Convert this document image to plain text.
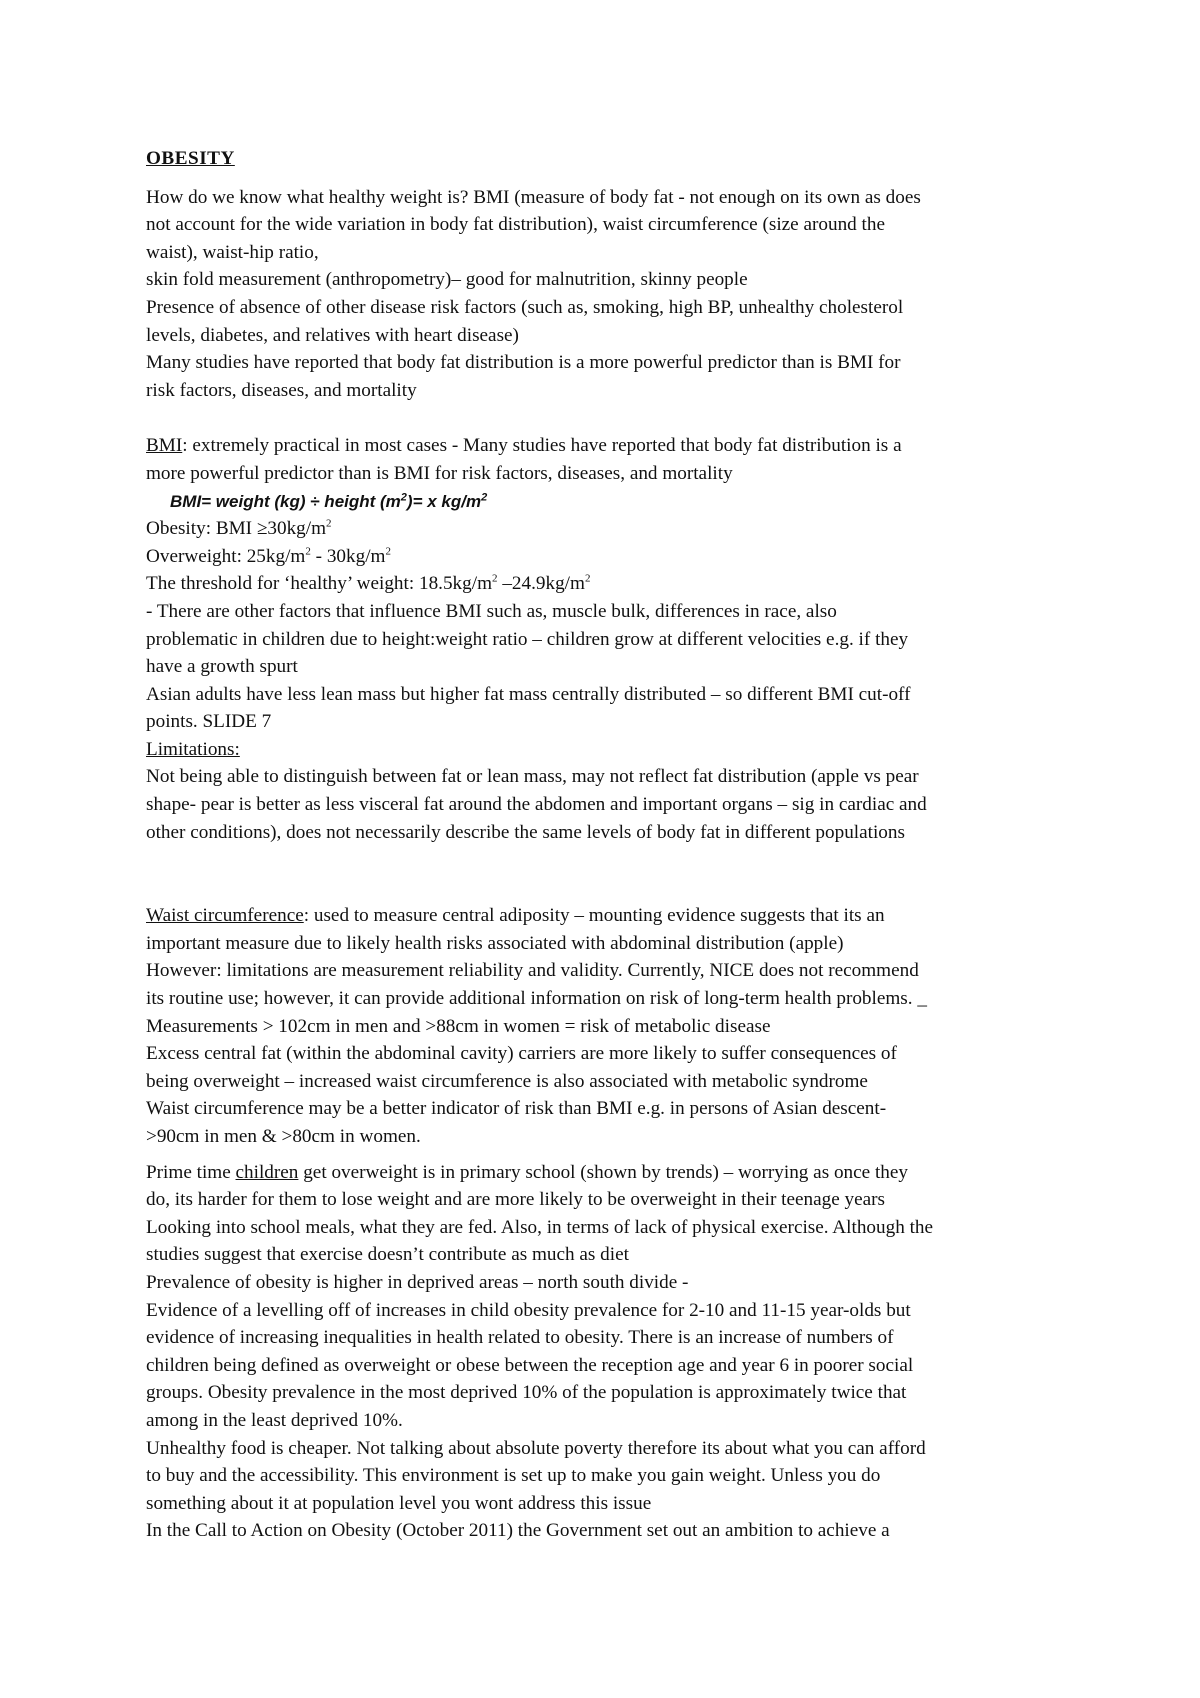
OBESITY
How do we know what healthy weight is? BMI (measure of body fat - not enough on its own as does
not account for the wide variation in body fat distribution), waist circumference (size around the
waist), waist-hip ratio,
skin fold measurement (anthropometry)– good for malnutrition, skinny people
Presence of absence of other disease risk factors (such as, smoking, high BP, unhealthy cholesterol
levels, diabetes, and relatives with heart disease)
Many studies have reported that body fat distribution is a more powerful predictor than is BMI for
risk factors, diseases, and mortality
BMI: extremely practical in most cases - Many studies have reported that body fat distribution is a
more powerful predictor than is BMI for risk factors, diseases, and mortality
BMI= weight (kg) ÷ height $(m^2)= x$ $kg/m^2$
Obesity: BMI $\ge 30kg/m^2$
Overweight: $25kg/m^2 - 30kg/m^2$
The threshold for ‘healthy’ weight: $18.5kg/m^2$ $-24.9kg/m^2$
- There are other factors that influence BMI such as, muscle bulk, differences in race, also
problematic in children due to height:weight ratio – children grow at different velocities e.g. if they
have a growth spurt
Asian adults have less lean mass but higher fat mass centrally distributed – so different BMI cut-off
points. SLIDE 7
Limitations:
Not being able to distinguish between fat or lean mass, may not reflect fat distribution (apple vs pear
shape- pear is better as less visceral fat around the abdomen and important organs – sig in cardiac and
other conditions), does not necessarily describe the same levels of body fat in different populations
Waist circumference: used to measure central adiposity – mounting evidence suggests that its an
important measure due to likely health risks associated with abdominal distribution (apple)
However: limitations are measurement reliability and validity. Currently, NICE does not recommend
its routine use; however, it can provide additional information on risk of long-term health problems. _
Measurements > 102cm in men and >88cm in women = risk of metabolic disease
Excess central fat (within the abdominal cavity) carriers are more likely to suffer consequences of
being overweight – increased waist circumference is also associated with metabolic syndrome
Waist circumference may be a better indicator of risk than BMI e.g. in persons of Asian descent-
>90cm in men & >80cm in women.
Prime time children get overweight is in primary school (shown by trends) – worrying as once they
do, its harder for them to lose weight and are more likely to be overweight in their teenage years
Looking into school meals, what they are fed. Also, in terms of lack of physical exercise. Although the
studies suggest that exercise doesn’t contribute as much as diet
Prevalence of obesity is higher in deprived areas – north south divide -
Evidence of a levelling off of increases in child obesity prevalence for 2-10 and 11-15 year-olds but
evidence of increasing inequalities in health related to obesity. There is an increase of numbers of
children being defined as overweight or obese between the reception age and year 6 in poorer social
groups. Obesity prevalence in the most deprived 10% of the population is approximately twice that
among in the least deprived 10%.
Unhealthy food is cheaper. Not talking about absolute poverty therefore its about what you can afford
to buy and the accessibility. This environment is set up to make you gain weight. Unless you do
something about it at population level you wont address this issue
In the Call to Action on Obesity (October 2011) the Government set out an ambition to achieve a
